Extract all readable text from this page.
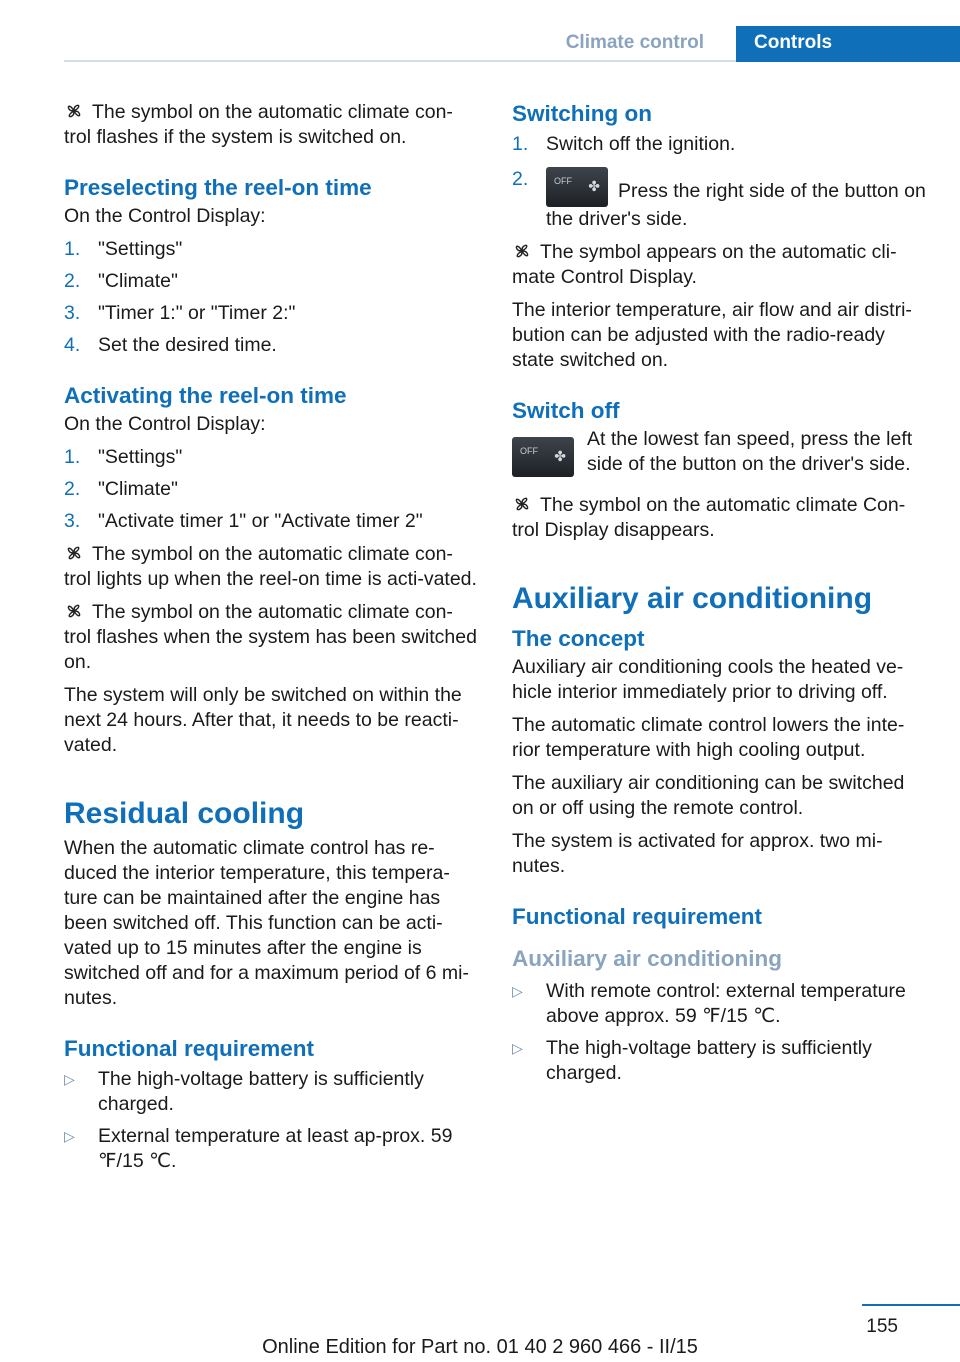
Climate control	Controls

The symbol on the automatic climate con-trol flashes if the system is switched on.

Preselecting the reel-on time

On the Control Display:

1. "Settings"
2. "Climate"
3. "Timer 1:" or "Timer 2:"
4. Set the desired time.
Activating the reel-on time

On the Control Display:

1. "Settings"
2. "Climate"
3. "Activate timer 1" or "Activate timer 2"

The symbol on the automatic climate con-trol lights up when the reel-on time is acti-vated.

The symbol on the automatic climate con-trol flashes when the system has been switched on.

The system will only be switched on within the next 24 hours. After that, it needs to be reacti-vated.

Residual cooling

When the automatic climate control has re-duced the interior temperature, this tempera-ture can be maintained after the engine has been switched off. This function can be acti-vated up to 15 minutes after the engine is switched off and for a maximum period of 6 mi-nutes.

Functional requirement
▷ The high-voltage battery is sufficiently charged.
▷ External temperature at least ap-prox. 59 ℉/15 ℃.
Switching on
1. Switch off the ignition.
2.	OFF ✤ Press the right side of the button on the driver's side.

The symbol appears on the automatic cli-mate Control Display.

The interior temperature, air flow and air distri-bution can be adjusted with the radio-ready state switched on.

Switch off
OFF ✤
At the lowest fan speed, press the left side of the button on the driver's side.

The symbol on the automatic climate Con-trol Display disappears.

Auxiliary air conditioning
The concept

Auxiliary air conditioning cools the heated ve-hicle interior immediately prior to driving off.

The automatic climate control lowers the inte-rior temperature with high cooling output.

The auxiliary air conditioning can be switched on or off using the remote control.

The system is activated for approx. two mi-nutes.

Functional requirement
Auxiliary air conditioning
▷ With remote control: external temperature above approx. 59 ℉/15 ℃.
▷ The high-voltage battery is sufficiently charged.
155
Online Edition for Part no. 01 40 2 960 466 - II/15
